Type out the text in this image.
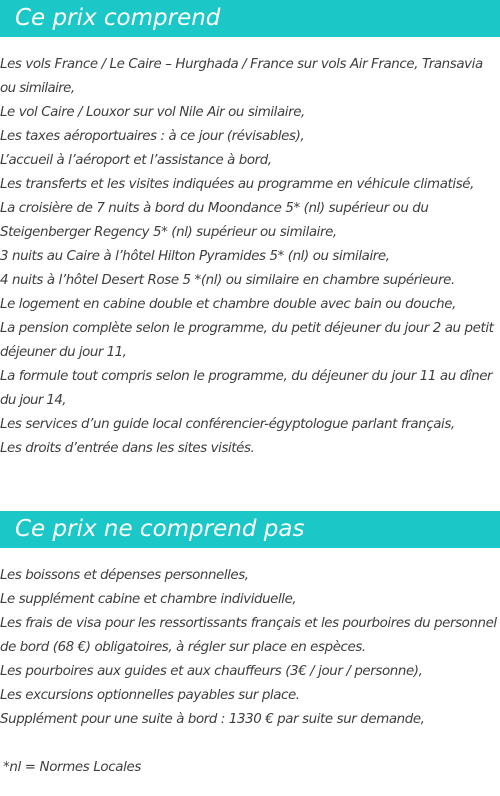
Ce prix comprend
Les vols France / Le Caire – Hurghada / France sur vols Air France, Transavia
ou similaire,
Le vol Caire / Louxor sur vol Nile Air ou similaire,
Les taxes aéroportuaires : à ce jour (révisables),
L’accueil à l’aéroport et l’assistance à bord,
Les transferts et les visites indiquées au programme en véhicule climatisé,
La croisière de 7 nuits à bord du Moondance 5* (nl) supérieur ou du
Steigenberger Regency 5* (nl) supérieur ou similaire,
3 nuits au Caire à l’hôtel Hilton Pyramides 5* (nl) ou similaire,
4 nuits à l’hôtel Desert Rose 5 *(nl) ou similaire en chambre supérieure.
Le logement en cabine double et chambre double avec bain ou douche,
La pension complète selon le programme, du petit déjeuner du jour 2 au petit
déjeuner du jour 11,
La formule tout compris selon le programme, du déjeuner du jour 11 au dîner
du jour 14,
Les services d’un guide local conférencier-égyptologue parlant français,
Les droits d’entrée dans les sites visités.
Ce prix ne comprend pas
Les boissons et dépenses personnelles,
Le supplément cabine et chambre individuelle,
Les frais de visa pour les ressortissants français et les pourboires du personnel
de bord (68 €) obligatoires, à régler sur place en espèces.
Les pourboires aux guides et aux chauffeurs (3€ / jour / personne),
Les excursions optionnelles payables sur place.
Supplément pour une suite à bord : 1330 € par suite sur demande,
*nl = Normes Locales
